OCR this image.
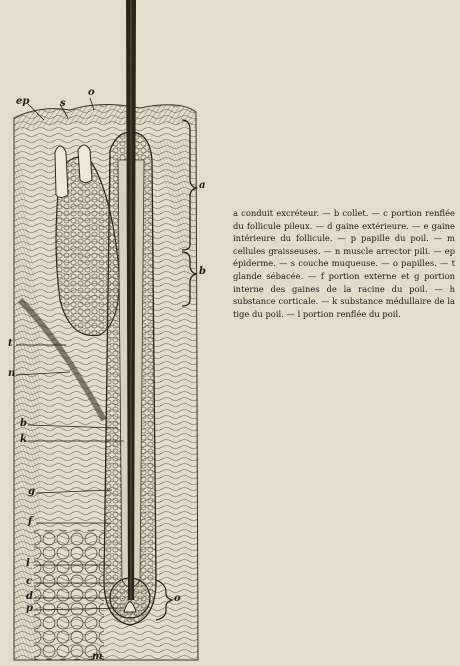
ep	s
o
a
b
t
n
b
k
g
f
l
c
d
p
o
m
a conduit excréteur. — b collet. — c portion renflée du follicule pileux. — d gaine extérieure. — e gaine intérieure du follicule. — p papille du poil. — m cellules graisseuses. — n muscle arrector pili. — ep épiderme. — s couche muqueuse. — o papilles. — t glande sébacée. — f portion externe et g portion interne des gaines de la racine du poil. — h substance corticale. — k substance médullaire de la tige du poil. — l portion renflée du poil.
